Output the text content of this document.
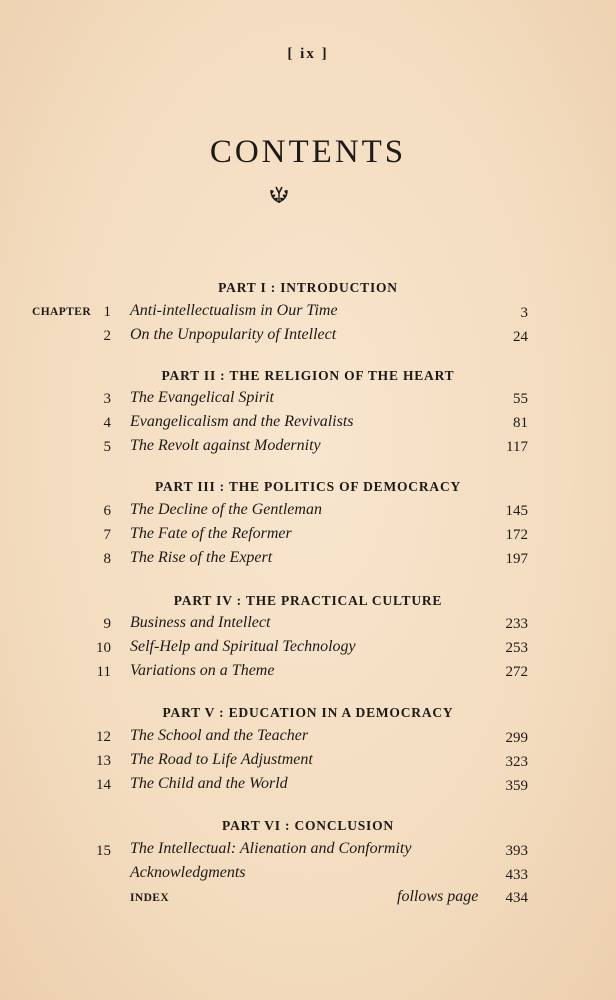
[ ix ]
CONTENTS
CHAPTER
PART I : INTRODUCTION
1 Anti-intellectualism in Our Time	3
2 On the Unpopularity of Intellect	24
PART II : THE RELIGION OF THE HEART
3 The Evangelical Spirit	55
4 Evangelicalism and the Revivalists	81
5 The Revolt against Modernity	117
PART III : THE POLITICS OF DEMOCRACY
6 The Decline of the Gentleman	145
7 The Fate of the Reformer	172
8 The Rise of the Expert	197
PART IV : THE PRACTICAL CULTURE
9 Business and Intellect	233
10 Self-Help and Spiritual Technology	253
11 Variations on a Theme	272
PART V : EDUCATION IN A DEMOCRACY
12 The School and the Teacher	299
13 The Road to Life Adjustment	323
14 The Child and the World	359
PART VI : CONCLUSION
15 The Intellectual: Alienation and Conformity	393
Acknowledgments	433
INDEX	follows page 434
